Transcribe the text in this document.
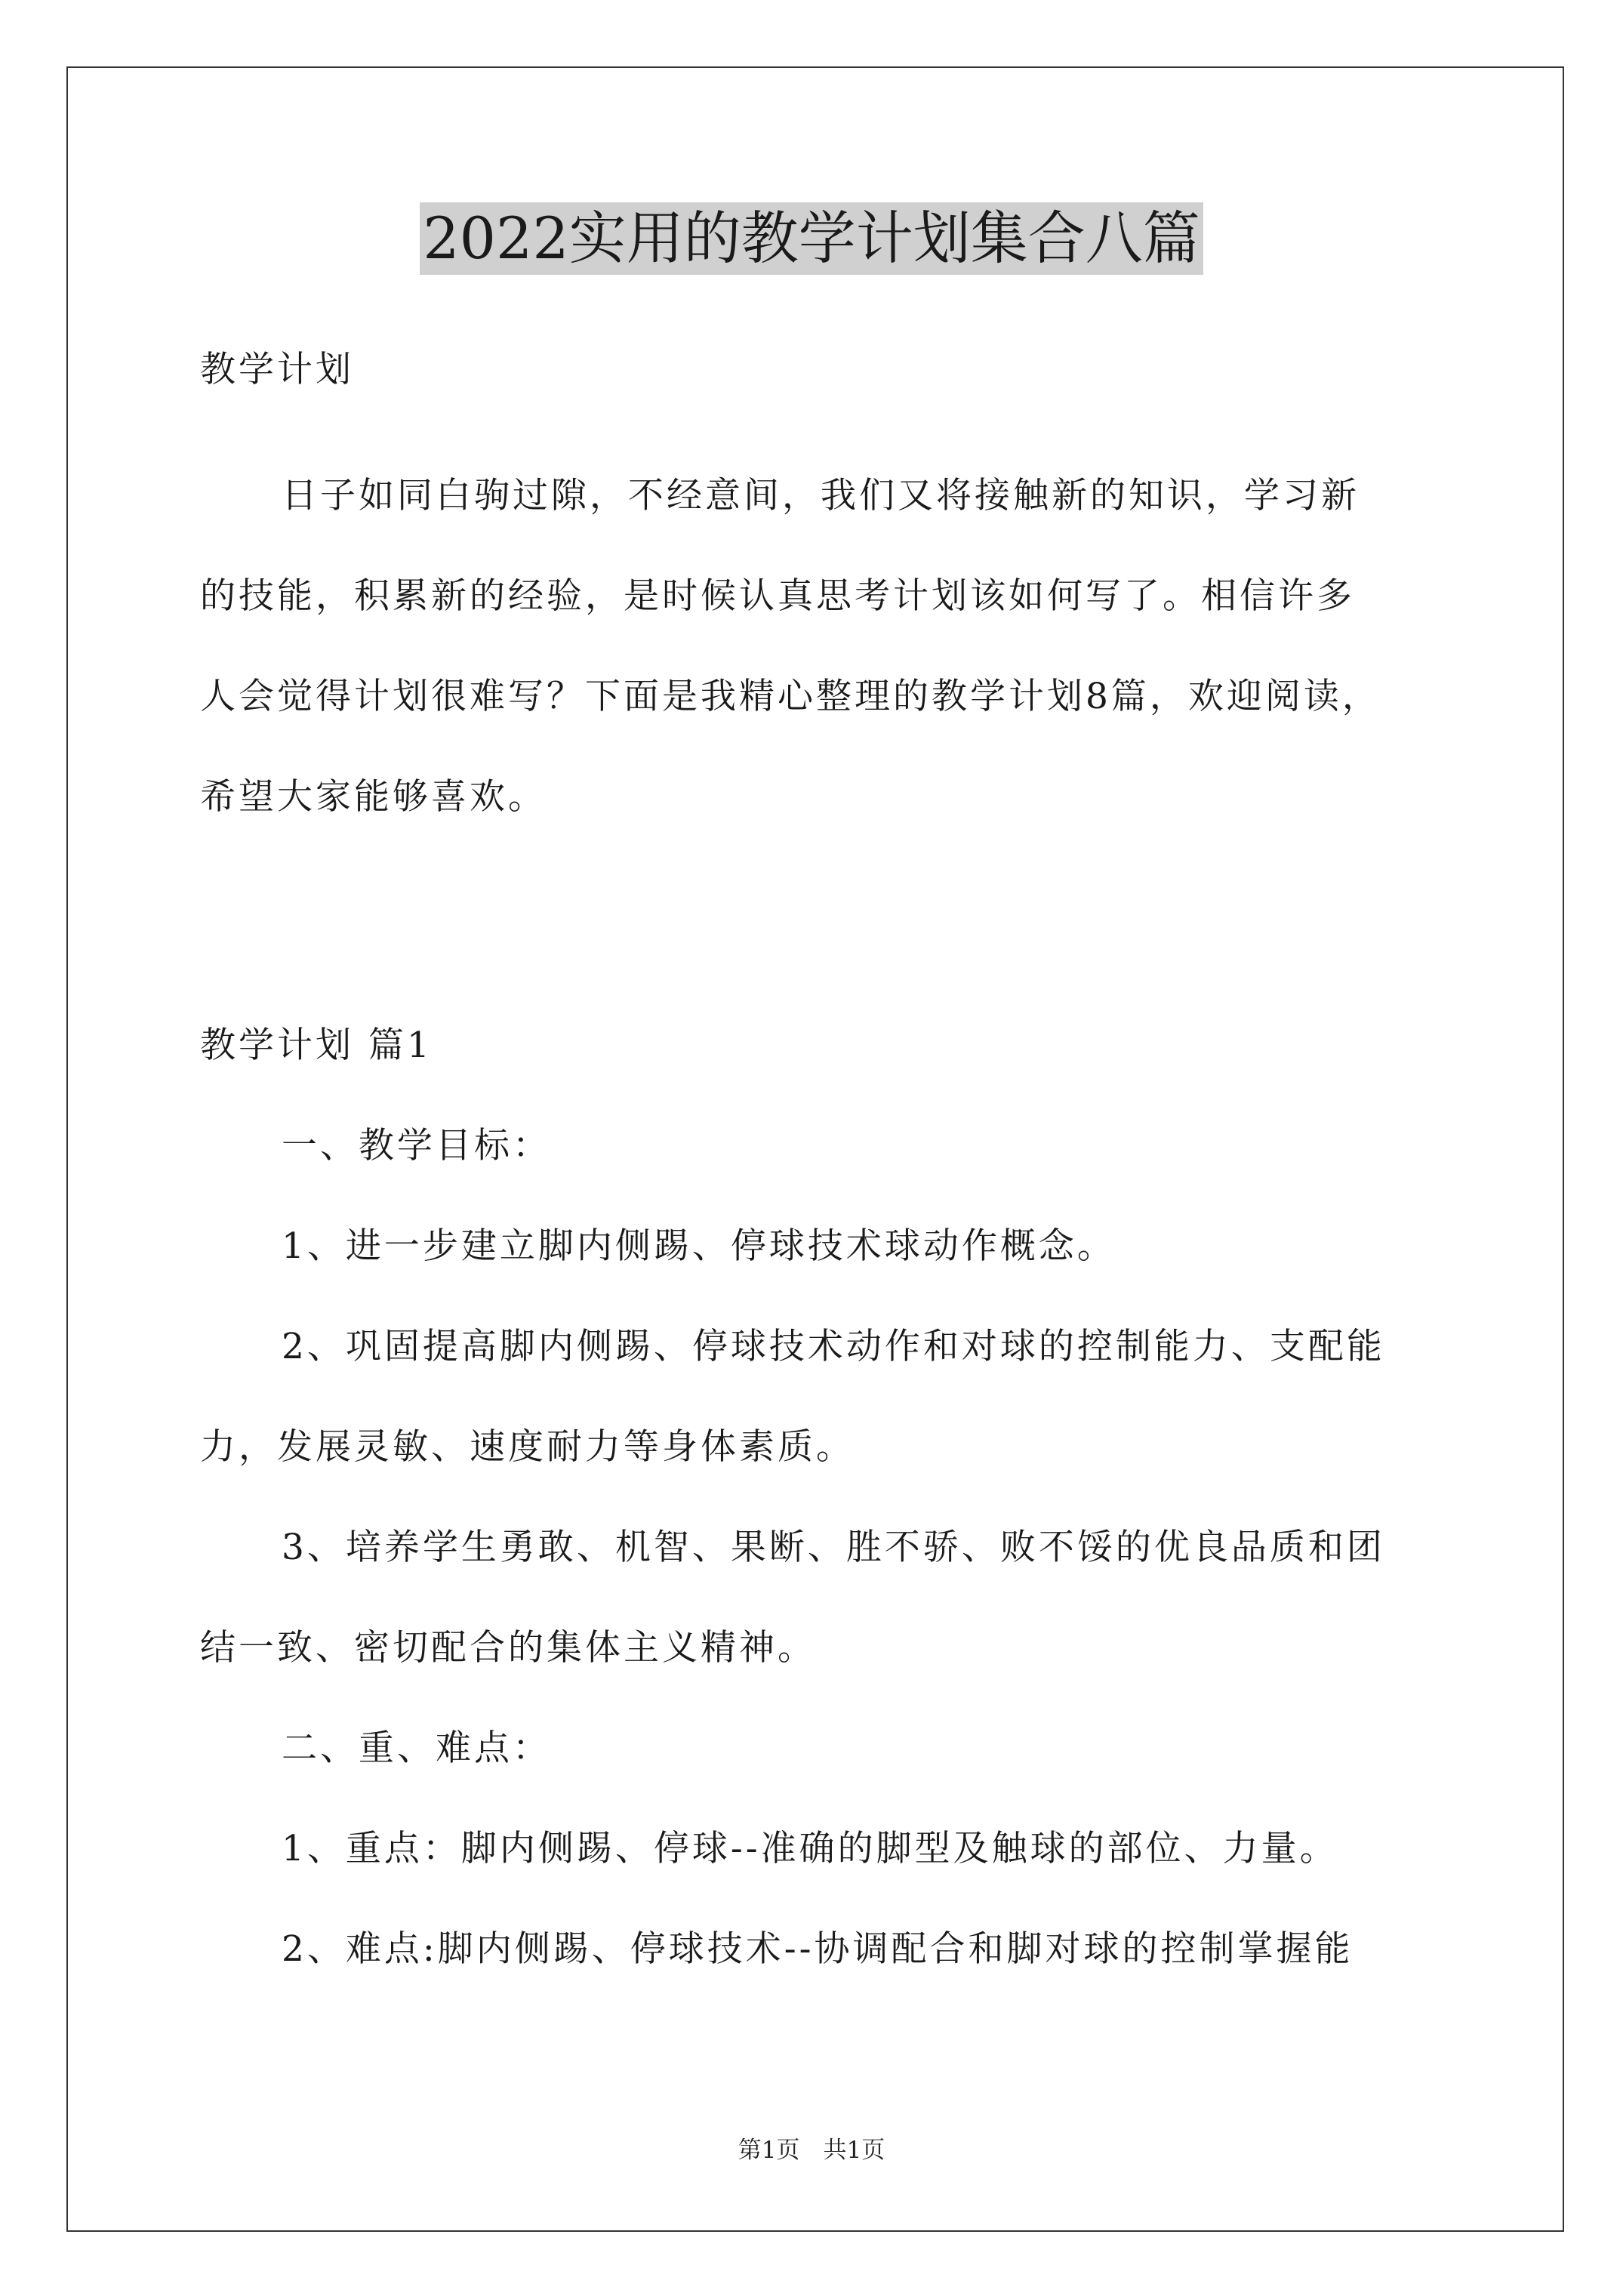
2022实用的教学计划集合八篇
教学计划
日子如同白驹过隙，不经意间，我们又将接触新的知识，学习新
的技能，积累新的经验，是时候认真思考计划该如何写了。相信许多
人会觉得计划很难写？下面是我精心整理的教学计划8篇，欢迎阅读，
希望大家能够喜欢。
教学计划 篇1
一、教学目标：
1、进一步建立脚内侧踢、停球技术球动作概念。
2、巩固提高脚内侧踢、停球技术动作和对球的控制能力、支配能
力，发展灵敏、速度耐力等身体素质。
3、培养学生勇敢、机智、果断、胜不骄、败不馁的优良品质和团
结一致、密切配合的集体主义精神。
二、重、难点：
1、重点：脚内侧踢、停球--准确的脚型及触球的部位、力量。
2、难点:脚内侧踢、停球技术--协调配合和脚对球的控制掌握能
第1页　共1页
